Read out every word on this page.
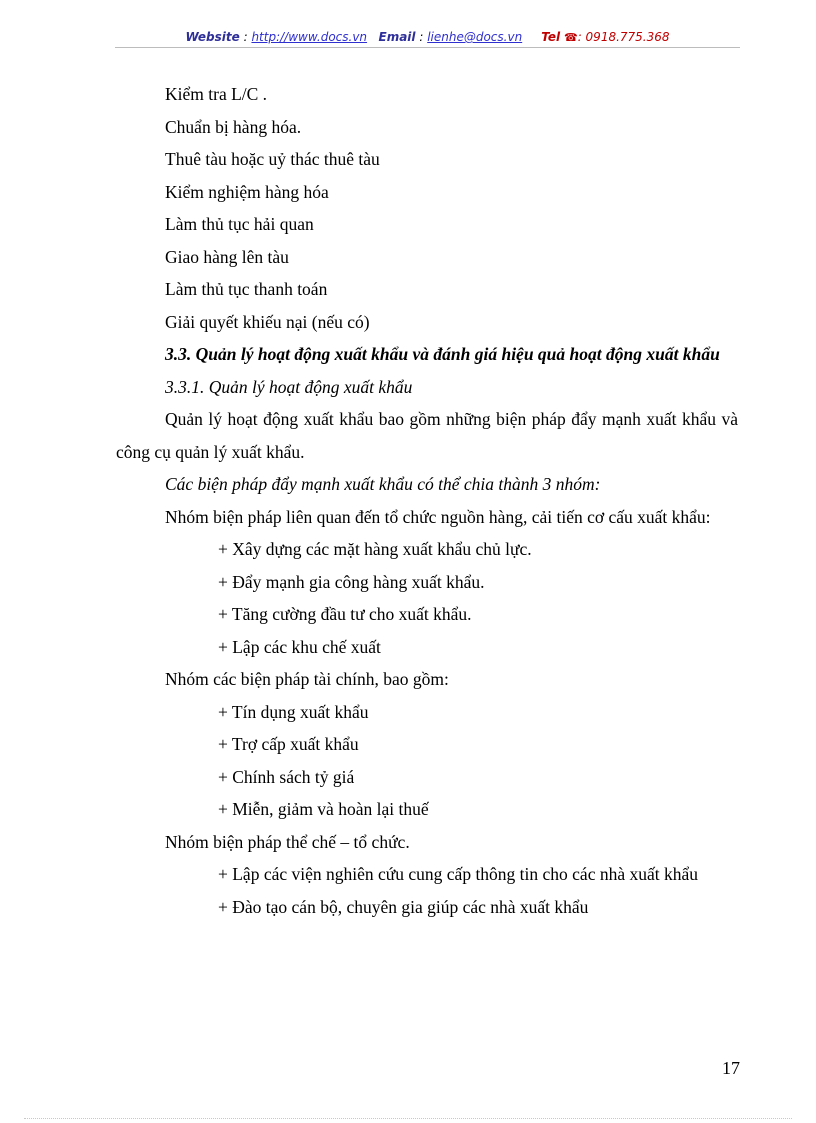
Website : http://www.docs.vn Email : lienhe@docs.vn Tel ☎: 0918.775.368

Kiểm tra L/C .

Chuẩn bị hàng hóa.

Thuê tàu hoặc uỷ thác thuê tàu

Kiểm nghiệm hàng hóa

Làm thủ tục hải quan

Giao hàng lên tàu

Làm thủ tục thanh toán

Giải quyết khiếu nại (nếu có)

3.3. Quản lý hoạt động xuất khẩu và đánh giá hiệu quả hoạt động xuất khẩu

3.3.1. Quản lý hoạt động xuất khẩu

Quản lý hoạt động xuất khẩu bao gồm những biện pháp đẩy mạnh xuất khẩu và công cụ quản lý xuất khẩu.

Các biện pháp đẩy mạnh xuất khẩu có thể chia thành 3 nhóm:

Nhóm biện pháp liên quan đến tổ chức nguồn hàng, cải tiến cơ cấu xuất khẩu:

+ Xây dựng các mặt hàng xuất khẩu chủ lực.

+ Đẩy mạnh gia công hàng xuất khẩu.

+ Tăng cường đầu tư cho xuất khẩu.

+ Lập các khu chế xuất

Nhóm các biện pháp tài chính, bao gồm:

+ Tín dụng xuất khẩu

+ Trợ cấp xuất khẩu

+ Chính sách tỷ giá

+ Miễn, giảm và hoàn lại thuế

Nhóm biện pháp thể chế – tổ chức.

+ Lập các viện nghiên cứu cung cấp thông tin cho các nhà xuất khẩu

+ Đào tạo cán bộ, chuyên gia giúp các nhà xuất khẩu

17
